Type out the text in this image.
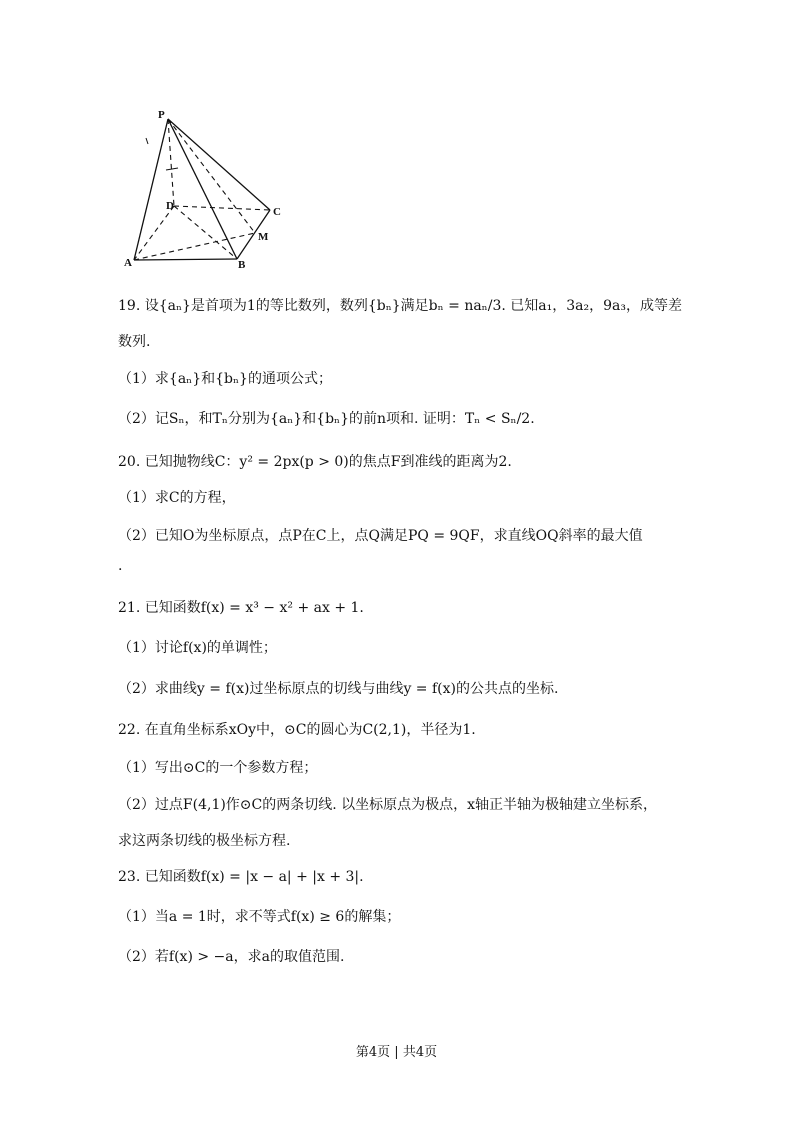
P
D	C
M
A	B
19. 设{aₙ}是首项为1的等比数列，数列{bₙ}满足bₙ = naₙ/3. 已知a₁，3a₂，9a₃，成等差
数列.
（1）求{aₙ}和{bₙ}的通项公式；
（2）记Sₙ，和Tₙ分别为{aₙ}和{bₙ}的前n项和. 证明：Tₙ < Sₙ/2.
20. 已知抛物线C：y² = 2px(p > 0)的焦点F到准线的距离为2.
（1）求C的方程，
（2）已知O为坐标原点，点P在C上，点Q满足PQ = 9QF，求直线OQ斜率的最大值
.
21. 已知函数f(x) = x³ − x² + ax + 1.
（1）讨论f(x)的单调性；
（2）求曲线y = f(x)过坐标原点的切线与曲线y = f(x)的公共点的坐标.
22. 在直角坐标系xOy中，⊙C的圆心为C(2,1)，半径为1.
（1）写出⊙C的一个参数方程；
（2）过点F(4,1)作⊙C的两条切线. 以坐标原点为极点，x轴正半轴为极轴建立坐标系，
求这两条切线的极坐标方程.
23. 已知函数f(x) = |x − a| + |x + 3|.
（1）当a = 1时，求不等式f(x) ≥ 6的解集；
（2）若f(x) > −a，求a的取值范围.
第4页 | 共4页
